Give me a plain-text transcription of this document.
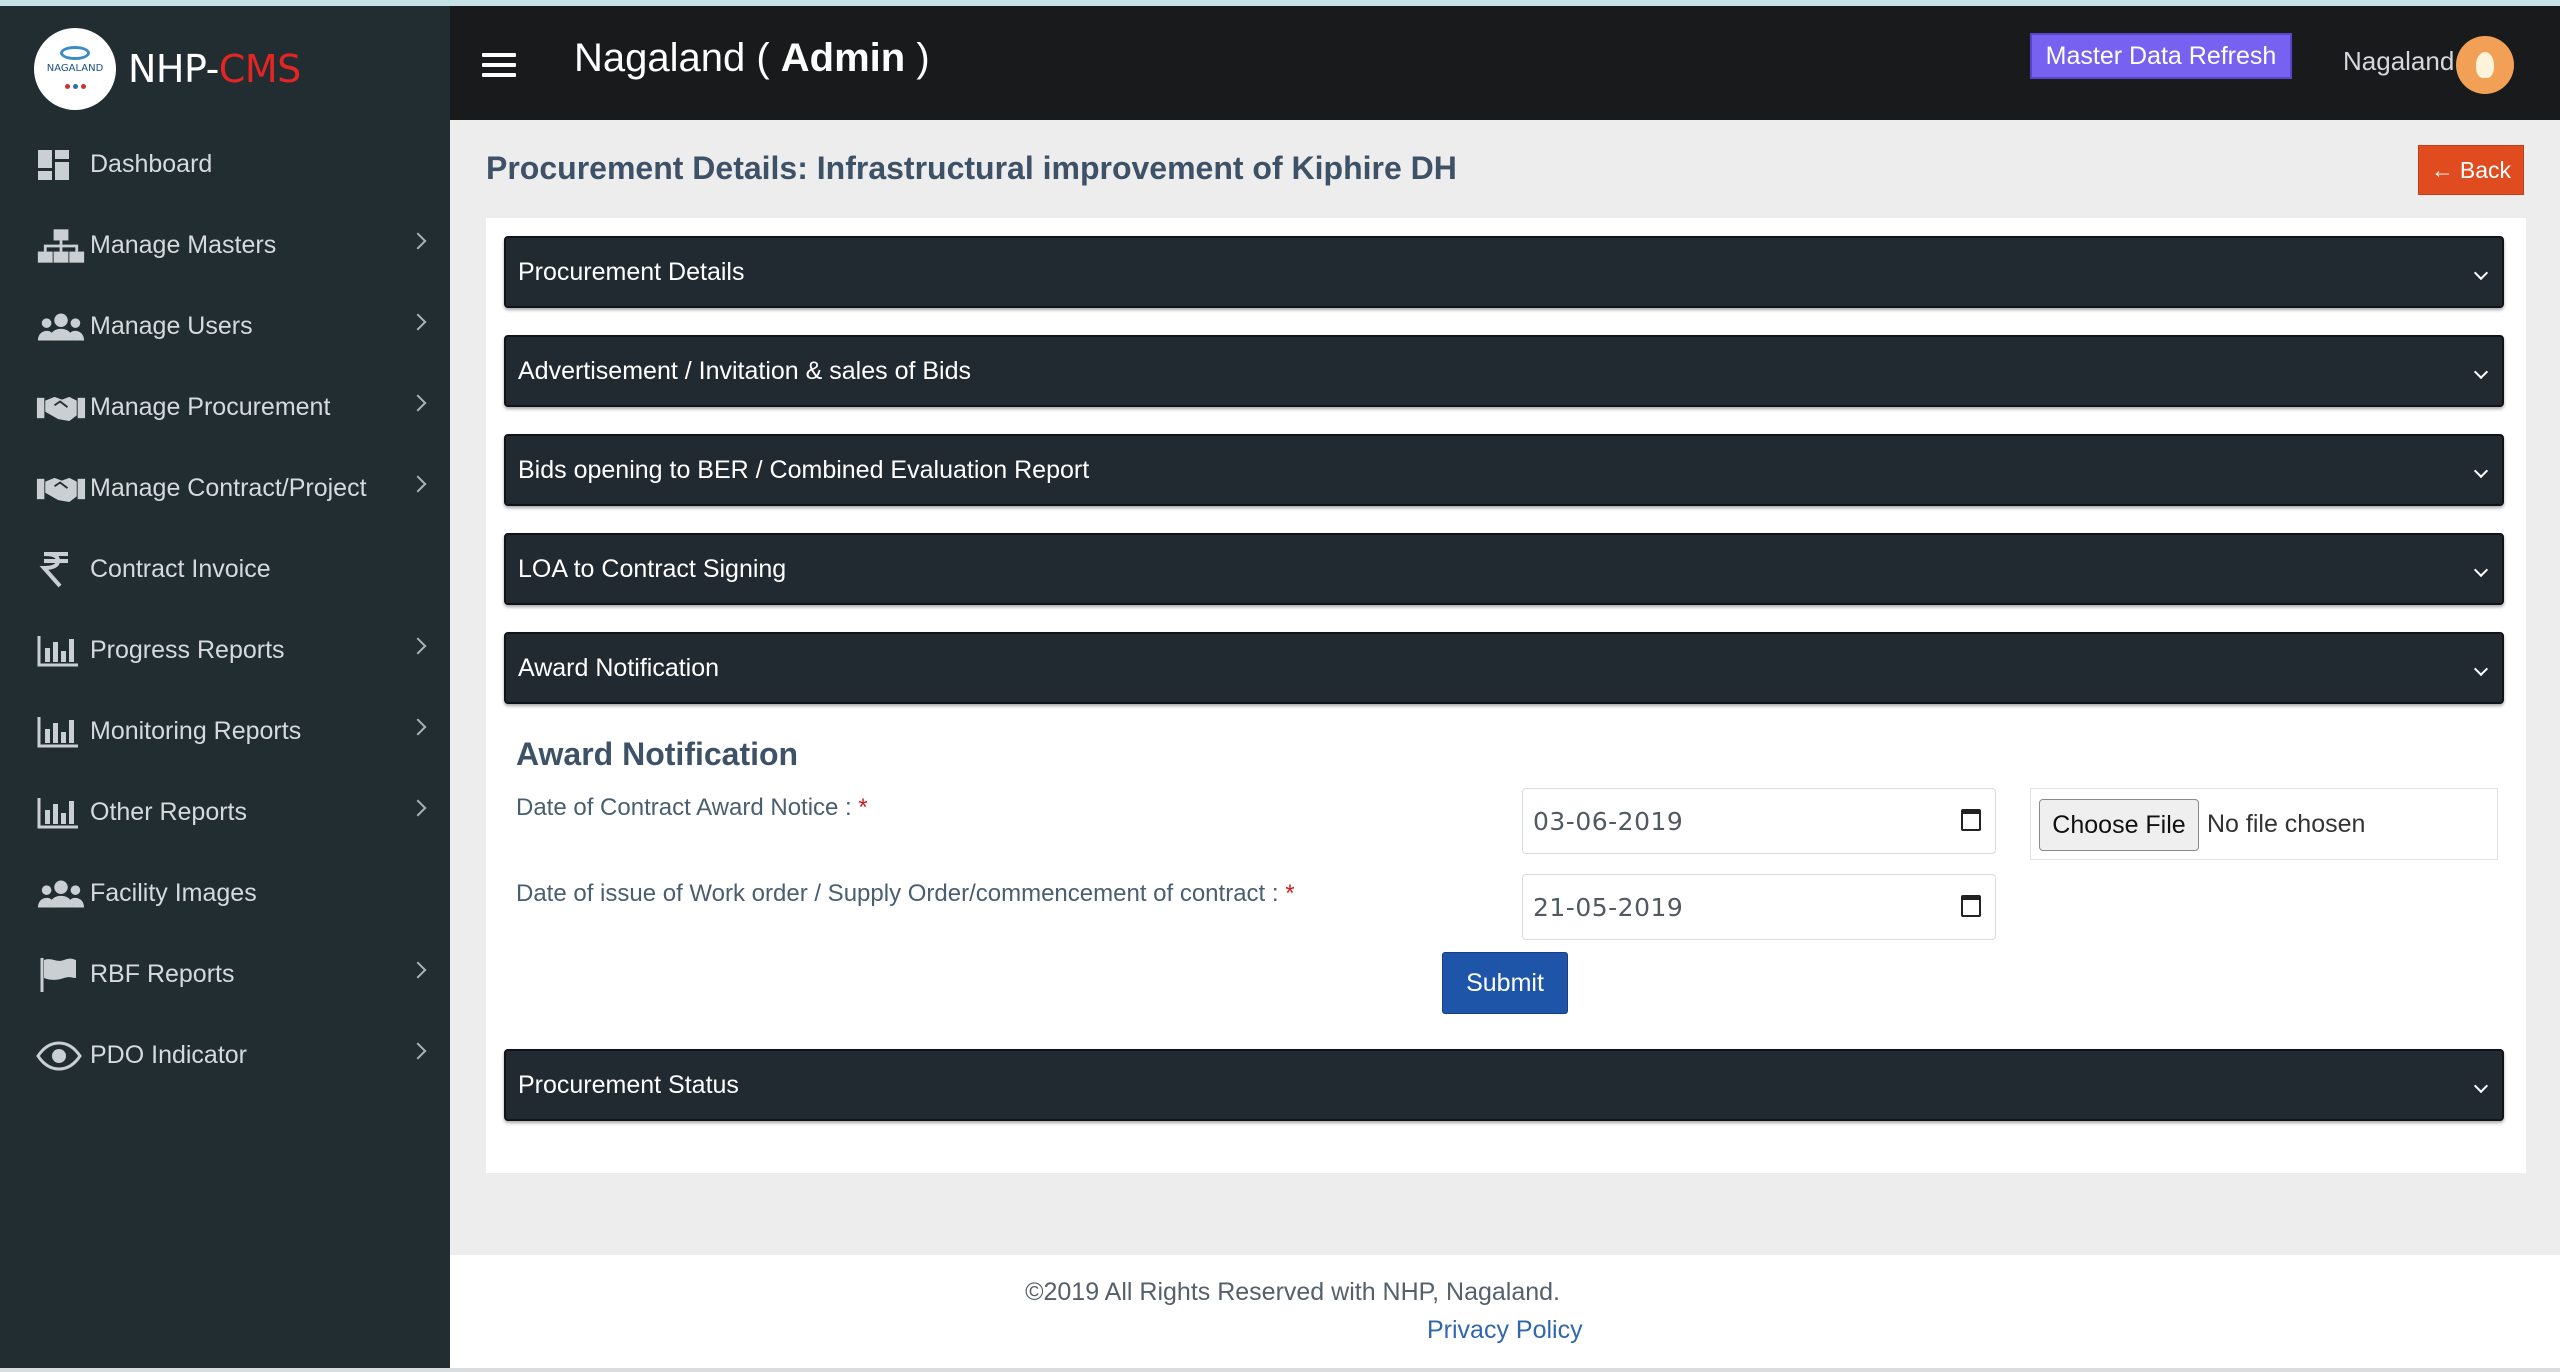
NAGALAND NHP-CMS
Dashboard
Manage Masters
Manage Users
Manage Procurement
Manage Contract/Project
Contract Invoice
Progress Reports
Monitoring Reports
Other Reports
Facility Images
RBF Reports
PDO Indicator
Nagaland ( Admin )	Master Data Refresh	Nagaland
Procurement Details: Infrastructural improvement of Kiphire DH	← Back
Procurement Details
Advertisement / Invitation & sales of Bids
Bids opening to BER / Combined Evaluation Report
LOA to Contract Signing
Award Notification
Award Notification
Date of Contract Award Notice : *	03-06-2019	Choose File No file chosen
Date of issue of Work order / Supply Order/commencement of contract : *	21-05-2019
Submit
Procurement Status
©2019 All Rights Reserved with NHP, Nagaland.
Privacy Policy
